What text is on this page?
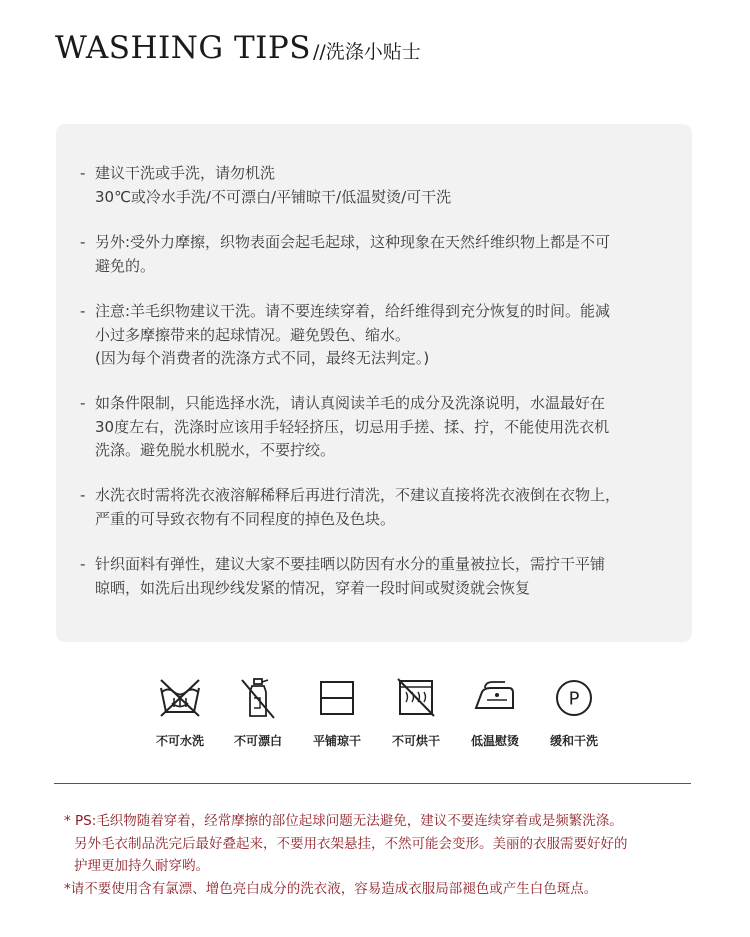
WASHING TIPS //洗涤小贴士
- 建议干洗或手洗，请勿机洗
30℃或冷水手洗/不可漂白/平铺晾干/低温熨烫/可干洗
- 另外:受外力摩擦，织物表面会起毛起球，这种现象在天然纤维织物上都是不可
避免的。
- 注意:羊毛织物建议干洗。请不要连续穿着，给纤维得到充分恢复的时间。能减
小过多摩擦带来的起球情况。避免毁色、缩水。
(因为每个消费者的洗涤方式不同，最终无法判定。)
- 如条件限制，只能选择水洗，请认真阅读羊毛的成分及洗涤说明，水温最好在
30度左右，洗涤时应该用手轻轻挤压，切忌用手搓、揉、拧，不能使用洗衣机
洗涤。避免脱水机脱水，不要拧绞。
- 水洗衣时需将洗衣液溶解稀释后再进行清洗，不建议直接将洗衣液倒在衣物上，
严重的可导致衣物有不同程度的掉色及色块。
- 针织面料有弹性，建议大家不要挂晒以防因有水分的重量被拉长，需拧干平铺
晾晒，如洗后出现纱线发紧的情况，穿着一段时间或熨烫就会恢复
不可水洗	不可漂白	平铺琼干	不可烘干	低温慰烫
P
缓和干洗
* PS:毛织物随着穿着，经常摩擦的部位起球问题无法避免，建议不要连续穿着或是频繁洗涤。
另外毛衣制品洗完后最好叠起来，不要用衣架悬挂，不然可能会变形。美丽的衣服需要好好的
护理更加持久耐穿哟。
*请不要使用含有氯漂、增色亮白成分的洗衣液，容易造成衣服局部褪色或产生白色斑点。
